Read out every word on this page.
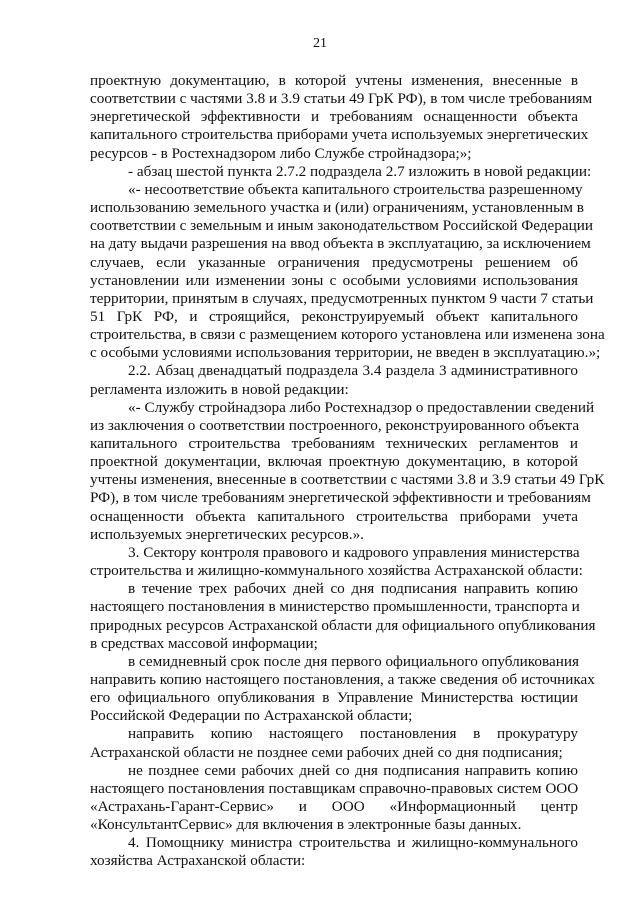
21
проектную документацию, в которой учтены изменения, внесенные в
соответствии с частями 3.8 и 3.9 статьи 49 ГрК РФ), в том числе требованиям
энергетической эффективности и требованиям оснащенности объекта
капитального строительства приборами учета используемых энергетических
ресурсов - в Ростехнадзором либо Службе стройнадзора;»;
- абзац шестой пункта 2.7.2 подраздела 2.7 изложить в новой редакции:
«- несоответствие объекта капитального строительства разрешенному
использованию земельного участка и (или) ограничениям, установленным в
соответствии с земельным и иным законодательством Российской Федерации
на дату выдачи разрешения на ввод объекта в эксплуатацию, за исключением
случаев, если указанные ограничения предусмотрены решением об
установлении или изменении зоны с особыми условиями использования
территории, принятым в случаях, предусмотренных пунктом 9 части 7 статьи
51 ГрК РФ, и строящийся, реконструируемый объект капитального
строительства, в связи с размещением которого установлена или изменена зона
с особыми условиями использования территории, не введен в эксплуатацию.»;
2.2. Абзац двенадцатый подраздела 3.4 раздела 3 административного
регламента изложить в новой редакции:
«- Службу стройнадзора либо Ростехнадзор о предоставлении сведений
из заключения о соответствии построенного, реконструированного объекта
капитального строительства требованиям технических регламентов и
проектной документации, включая проектную документацию, в которой
учтены изменения, внесенные в соответствии с частями 3.8 и 3.9 статьи 49 ГрК
РФ), в том числе требованиям энергетической эффективности и требованиям
оснащенности объекта капитального строительства приборами учета
используемых энергетических ресурсов.».
3. Сектору контроля правового и кадрового управления министерства
строительства и жилищно-коммунального хозяйства Астраханской области:
в течение трех рабочих дней со дня подписания направить копию
настоящего постановления в министерство промышленности, транспорта и
природных ресурсов Астраханской области для официального опубликования
в средствах массовой информации;
в семидневный срок после дня первого официального опубликования
направить копию настоящего постановления, а также сведения об источниках
его официального опубликования в Управление Министерства юстиции
Российской Федерации по Астраханской области;
направить копию настоящего постановления в прокуратуру
Астраханской области не позднее семи рабочих дней со дня подписания;
не позднее семи рабочих дней со дня подписания направить копию
настоящего постановления поставщикам справочно-правовых систем ООО
«Астрахань-Гарант-Сервис» и ООО «Информационный центр
«КонсультантСервис» для включения в электронные базы данных.
4. Помощнику министра строительства и жилищно-коммунального
хозяйства Астраханской области:
